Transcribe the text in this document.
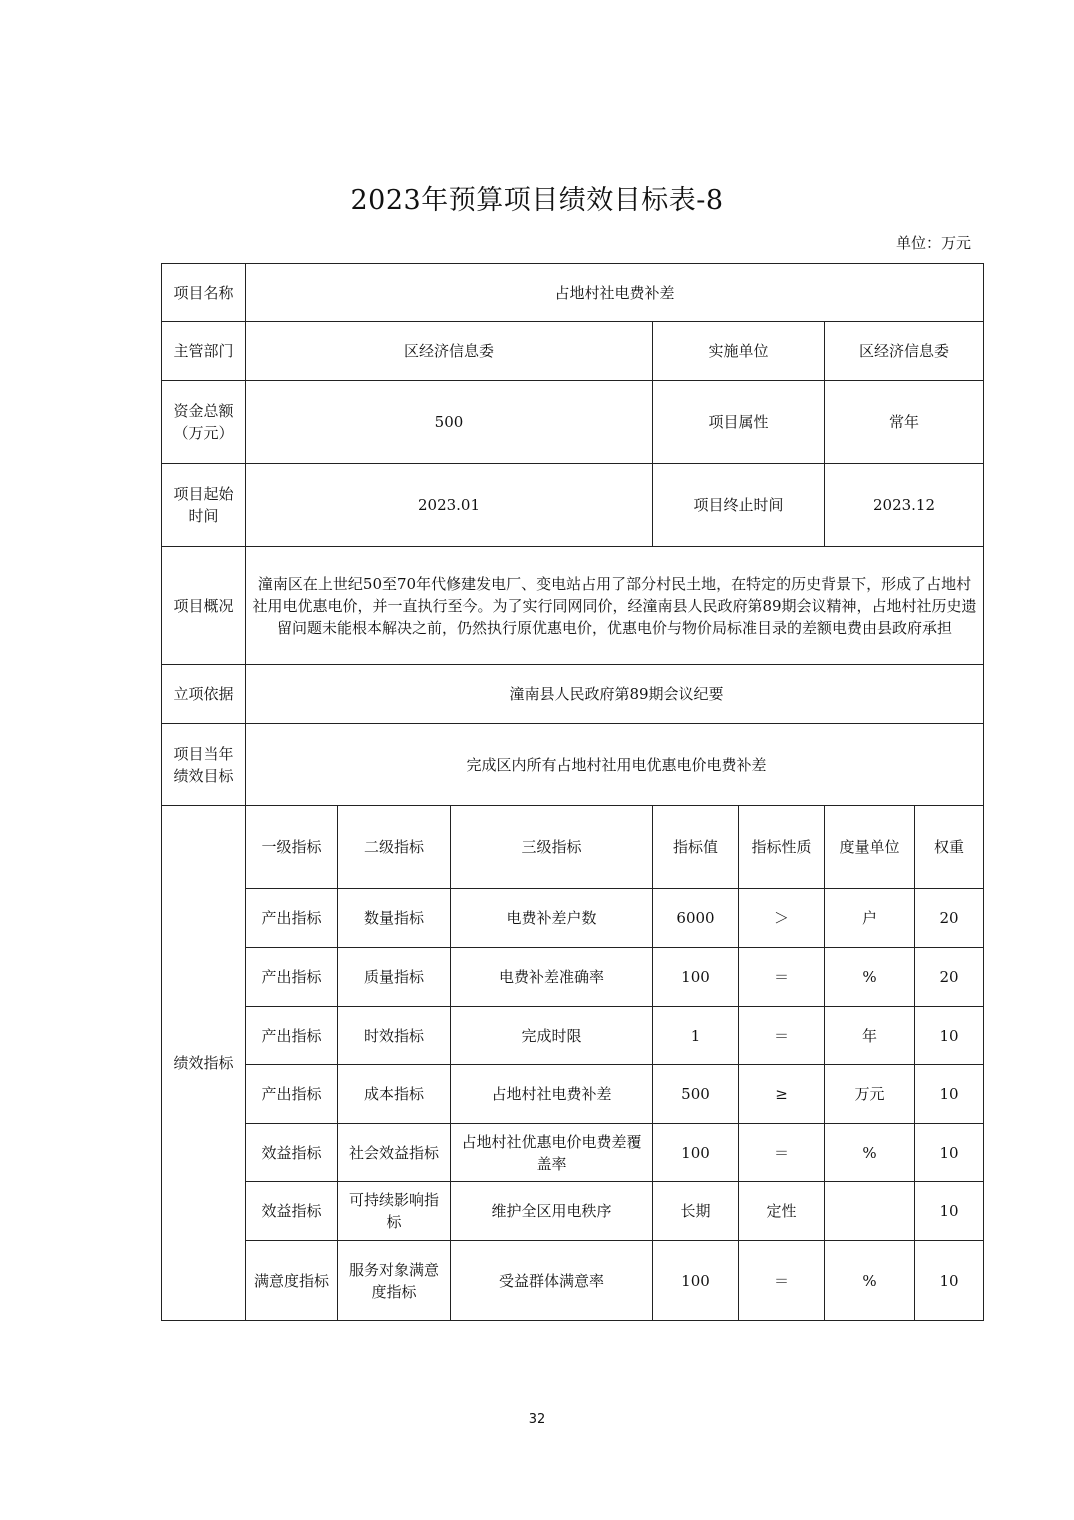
2023年预算项目绩效目标表-8
单位：万元
项目名称	占地村社电费补差						
主管部门	区经济信息委			实施单位		区经济信息委	
资金总额（万元）	500			项目属性		常年	
项目起始时间	2023.01			项目终止时间		2023.12	
项目概况	潼南区在上世纪50至70年代修建发电厂、变电站占用了部分村民土地，在特定的历史背景下，形成了占地村社用电优惠电价，并一直执行至今。为了实行同网同价，经潼南县人民政府第89期会议精神，占地村社历史遗留问题未能根本解决之前，仍然执行原优惠电价，优惠电价与物价局标准目录的差额电费由县政府承担						
立项依据	潼南县人民政府第89期会议纪要						
项目当年绩效目标	完成区内所有占地村社用电优惠电价电费补差						
绩效指标	一级指标	二级指标	三级指标	指标值	指标性质	度量单位	权重
	产出指标	数量指标	电费补差户数	6000	＞	户	20
	产出指标	质量指标	电费补差准确率	100	＝	%	20
	产出指标	时效指标	完成时限	1	＝	年	10
	产出指标	成本指标	占地村社电费补差	500	≥	万元	10
	效益指标	社会效益指标	占地村社优惠电价电费差覆盖率	100	＝	%	10
	效益指标	可持续影响指标	维护全区用电秩序	长期	定性		10
	满意度指标	服务对象满意度指标	受益群体满意率	100	＝	%	10
32
